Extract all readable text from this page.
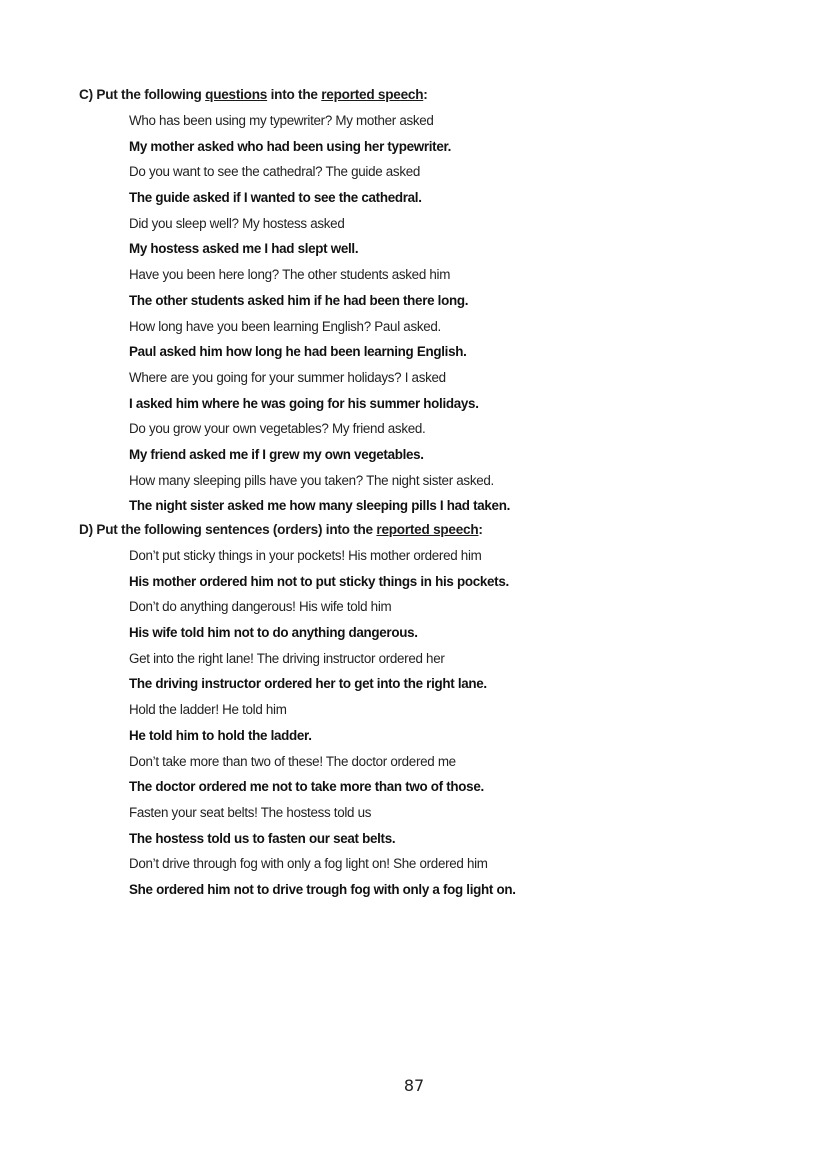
C) Put the following questions into the reported speech:
Who has been using my typewriter? My mother asked
My mother asked who had been using her typewriter.
Do you want to see the cathedral? The guide asked
The guide asked if I wanted to see the cathedral.
Did you sleep well? My hostess asked
My hostess asked me I had slept well.
Have you been here long? The other students asked him
The other students asked him if he had been there long.
How long have you been learning English? Paul asked.
Paul asked him how long he had been learning English.
Where are you going for your summer holidays? I asked
I asked him where he was going for his summer holidays.
Do you grow your own vegetables? My friend asked.
My friend asked me if I grew my own vegetables.
How many sleeping pills have you taken? The night sister asked.
The night sister asked me how many sleeping pills I had taken.
D) Put the following sentences (orders) into the reported speech:
Don’t put sticky things in your pockets! His mother ordered him
His mother ordered him not to put sticky things in his pockets.
Don’t do anything dangerous! His wife told him
His wife told him not to do anything dangerous.
Get into the right lane! The driving instructor ordered her
The driving instructor ordered her to get into the right lane.
Hold the ladder! He told him
He told him to hold the ladder.
Don’t take more than two of these! The doctor ordered me
The doctor ordered me not to take more than two of those.
Fasten your seat belts! The hostess told us
The hostess told us to fasten our seat belts.
Don’t drive through fog with only a fog light on! She ordered him
She ordered him not to drive trough fog with only a fog light on.
87
